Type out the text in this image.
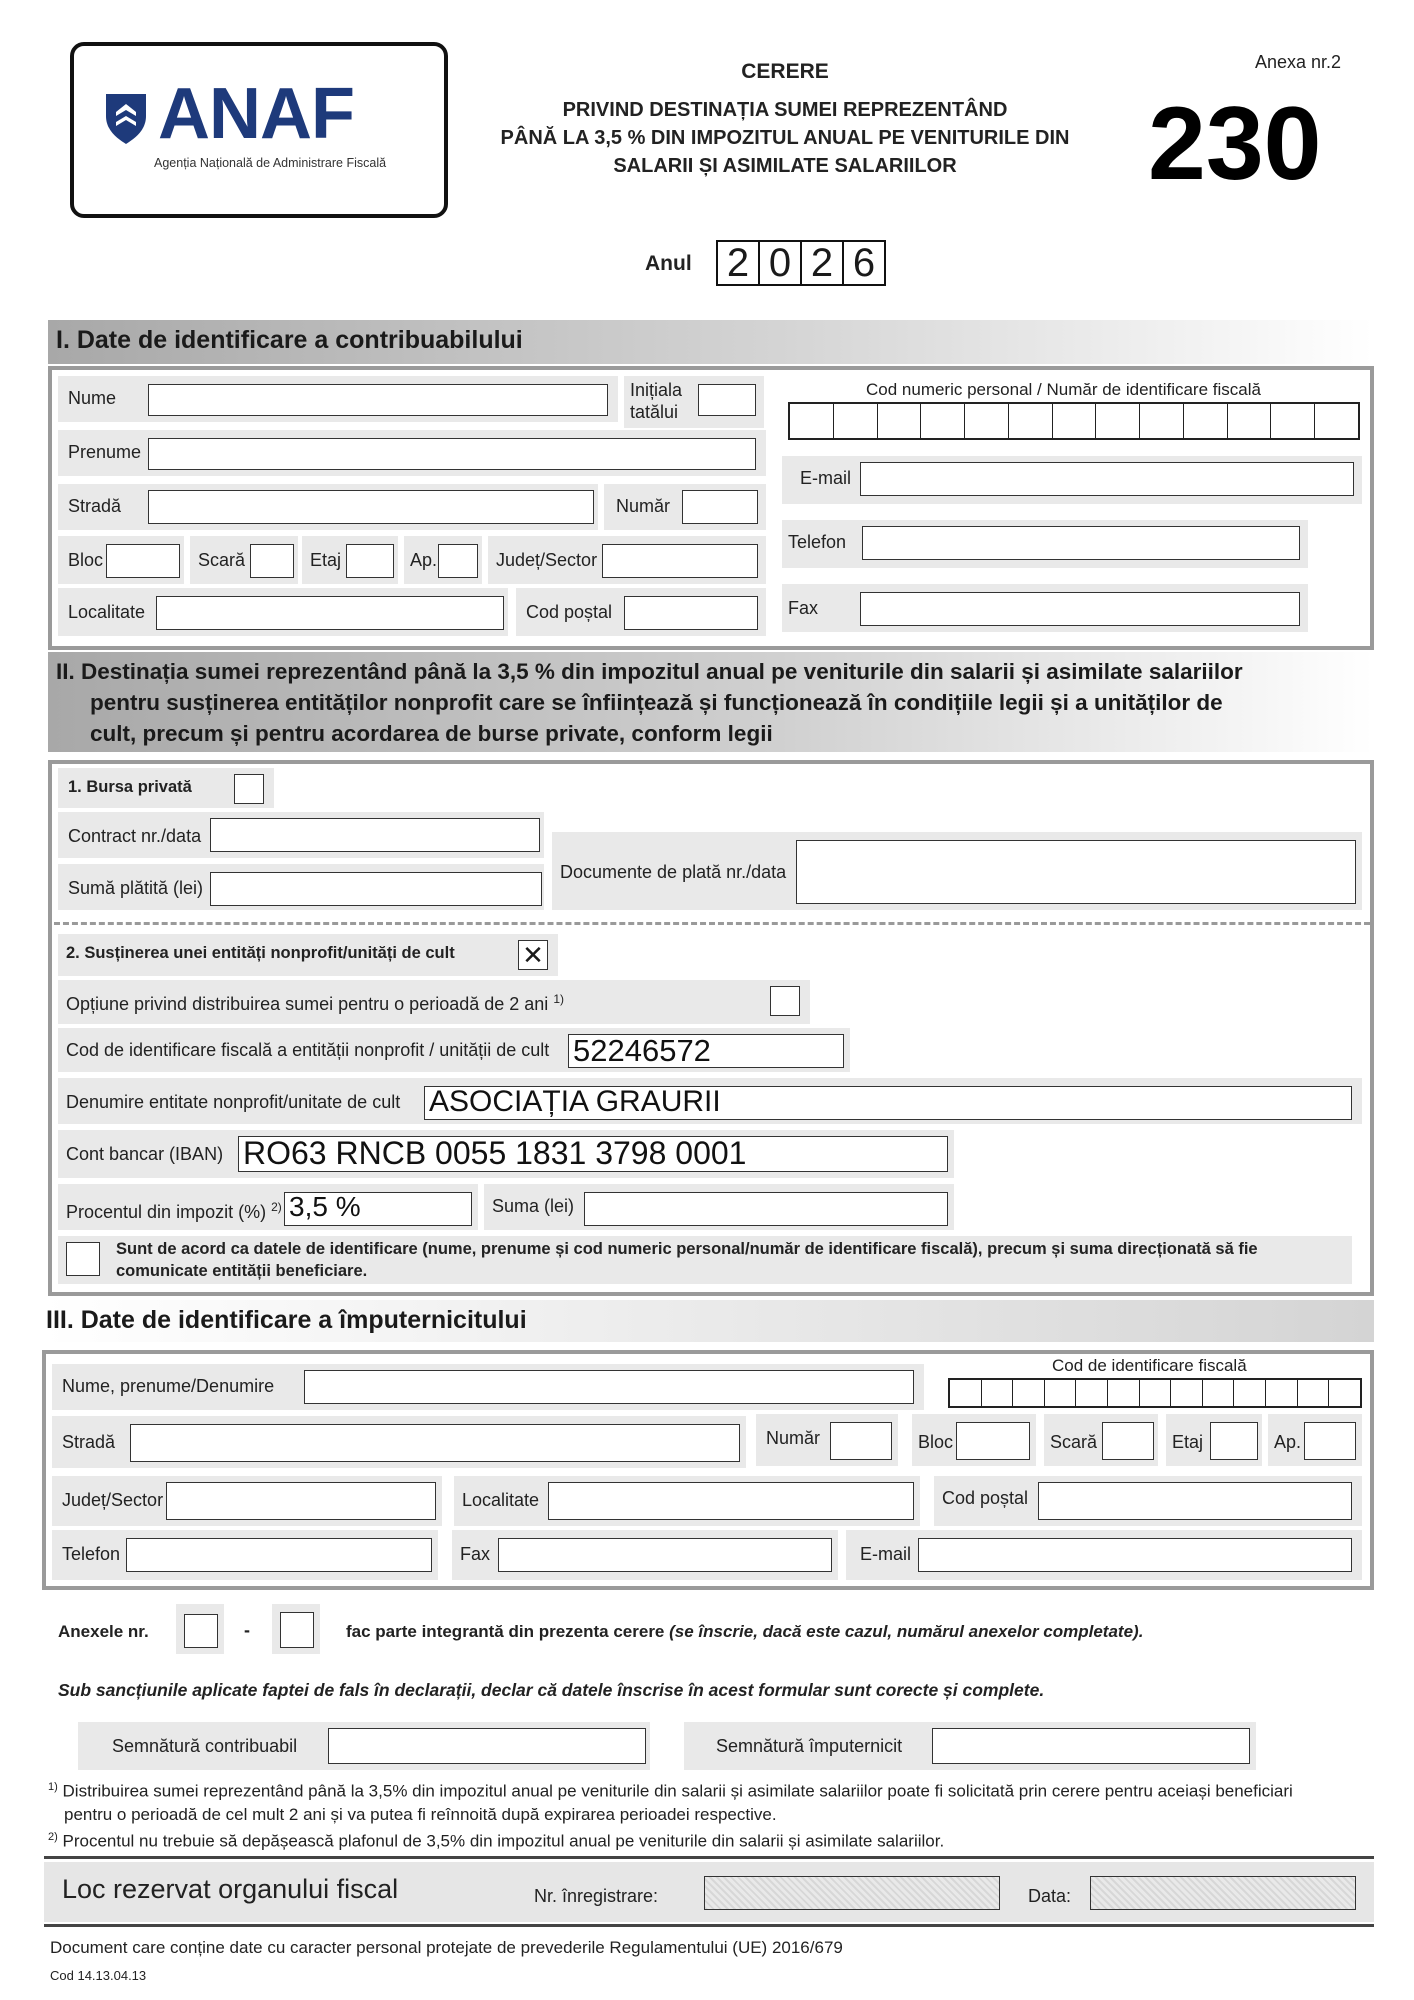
ANAF
Agenția Națională de Administrare Fiscală
CERERE
PRIVIND DESTINAȚIA SUMEI REPREZENTÂND
PÂNĂ LA 3,5 % DIN IMPOZITUL ANUAL PE VENITURILE DIN
SALARII ȘI ASIMILATE SALARIILOR
Anexa nr.2
230
Anul 2 0 2 6
I. Date de identificare a contribuabilului
Nume	Inițiala
tatălui
Prenume
Stradă	Număr
Bloc	Scară	Etaj	Ap.	Județ/Sector
Localitate	Cod poștal
Cod numeric personal / Număr de identificare fiscală
E-mail
Telefon
Fax
II. Destinația sumei reprezentând până la 3,5 % din impozitul anual pe veniturile din salarii și asimilate salariilor
pentru susținerea entităților nonprofit care se înființează și funcționează în condițiile legii și a unităților de
cult, precum și pentru acordarea de burse private, conform legii
1. Bursa privată
Contract nr./data
Sumă plătită (lei)
Documente de plată nr./data
2. Susținerea unei entități nonprofit/unități de cult	✕
Opțiune privind distribuirea sumei pentru o perioadă de 2 ani $^{1)}$
Cod de identificare fiscală a entității nonprofit / unității de cult 52246572
Denumire entitate nonprofit/unitate de cult ASOCIAȚIA GRAURII
Cont bancar (IBAN) RO63 RNCB 0055 1831 3798 0001
Procentul din impozit (%) $^{2)}$ 3,5 %	Suma (lei)
Sunt de acord ca datele de identificare (nume, prenume și cod numeric personal/număr de identificare fiscală), precum și suma direcționată să fie
comunicate entității beneficiare.
III. Date de identificare a împuternicitului
Nume, prenume/Denumire
Cod de identificare fiscală
Stradă	Număr	Bloc	Scară	Etaj	Ap.
Județ/Sector	Localitate	Cod poștal
Telefon	Fax	E-mail
Anexele nr.	-	fac parte integrantă din prezenta cerere (se înscrie, dacă este cazul, numărul anexelor completate).
Sub sancțiunile aplicate faptei de fals în declarații, declar că datele înscrise în acest formular sunt corecte și complete.
Semnătură contribuabil	Semnătură împuternicit
$^{1)}$ Distribuirea sumei reprezentând până la 3,5% din impozitul anual pe veniturile din salarii și asimilate salariilor poate fi solicitată prin cerere pentru aceiași beneficiari
pentru o perioadă de cel mult 2 ani și va putea fi reînnoită după expirarea perioadei respective.
$^{2)}$ Procentul nu trebuie să depășească plafonul de 3,5% din impozitul anual pe veniturile din salarii și asimilate salariilor.
Loc rezervat organului fiscal	Nr. înregistrare:	Data:
Document care conține date cu caracter personal protejate de prevederile Regulamentului (UE) 2016/679
Cod 14.13.04.13
